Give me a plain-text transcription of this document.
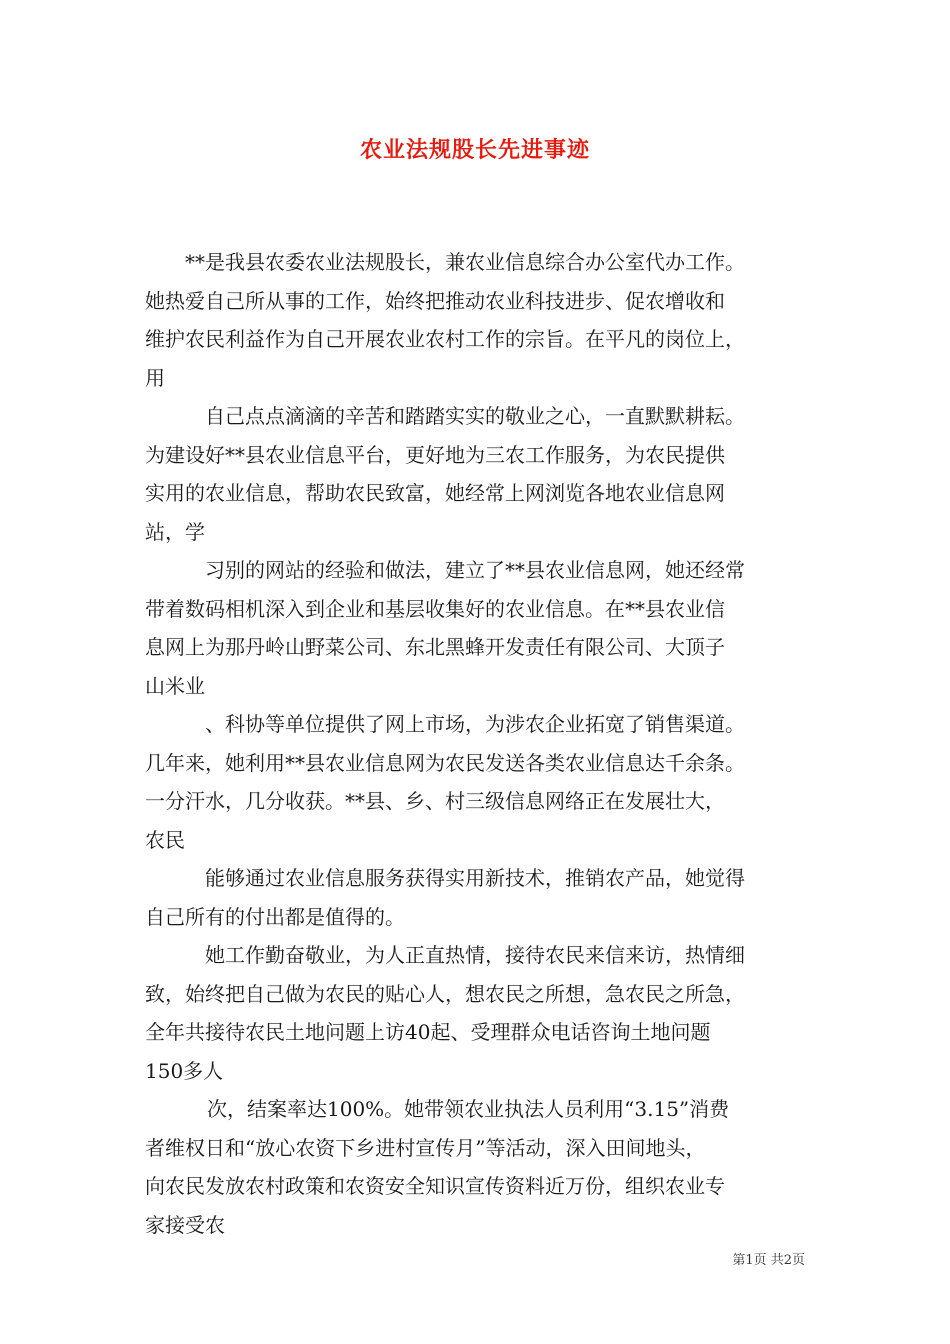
农业法规股长先进事迹

**是我县农委农业法规股长，兼农业信息综合办公室代办工作。
她热爱自己所从事的工作，始终把推动农业科技进步、促农增收和
维护农民利益作为自己开展农业农村工作的宗旨。在平凡的岗位上，
用

自己点点滴滴的辛苦和踏踏实实的敬业之心，一直默默耕耘。
为建设好**县农业信息平台，更好地为三农工作服务，为农民提供
实用的农业信息，帮助农民致富，她经常上网浏览各地农业信息网
站，学

习别的网站的经验和做法，建立了**县农业信息网，她还经常
带着数码相机深入到企业和基层收集好的农业信息。在**县农业信
息网上为那丹岭山野菜公司、东北黑蜂开发责任有限公司、大顶子
山米业

、科协等单位提供了网上市场，为涉农企业拓宽了销售渠道。
几年来，她利用**县农业信息网为农民发送各类农业信息达千余条。
一分汗水，几分收获。**县、乡、村三级信息网络正在发展壮大，
农民

能够通过农业信息服务获得实用新技术，推销农产品，她觉得
自己所有的付出都是值得的。

她工作勤奋敬业，为人正直热情，接待农民来信来访，热情细
致，始终把自己做为农民的贴心人，想农民之所想，急农民之所急，
全年共接待农民土地问题上访40起、受理群众电话咨询土地问题
150多人

次，结案率达100%。她带领农业执法人员利用“3.15”消费
者维权日和“放心农资下乡进村宣传月”等活动，深入田间地头，
向农民发放农村政策和农资安全知识宣传资料近万份，组织农业专
家接受农

第1页 共2页
